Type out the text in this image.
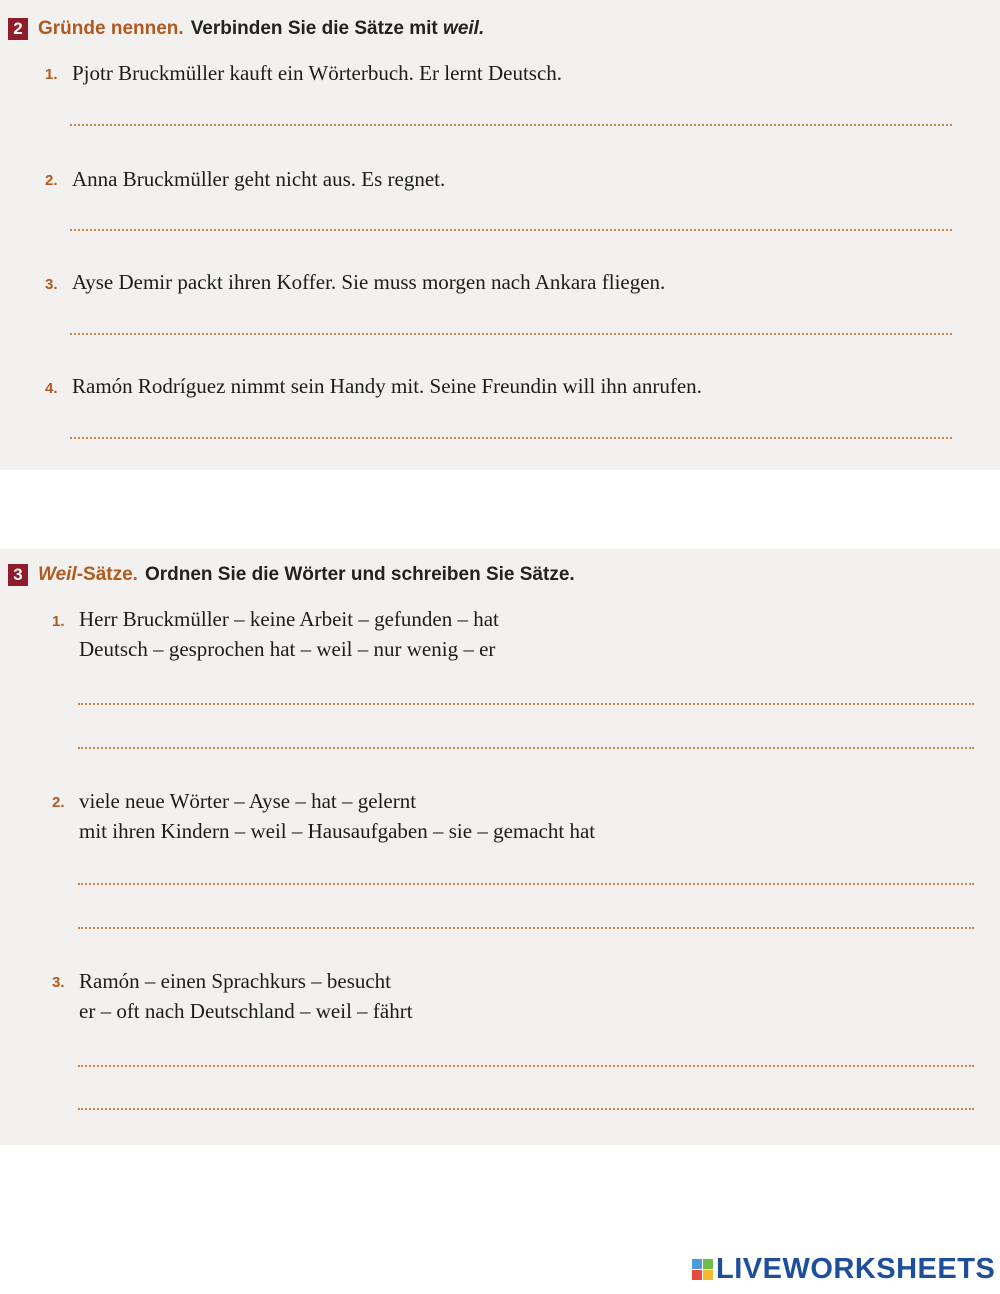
2 Gründe nennen. Verbinden Sie die Sätze mit weil.
1. Pjotr Bruckmüller kauft ein Wörterbuch. Er lernt Deutsch.
2. Anna Bruckmüller geht nicht aus. Es regnet.
3. Ayse Demir packt ihren Koffer. Sie muss morgen nach Ankara fliegen.
4. Ramón Rodríguez nimmt sein Handy mit. Seine Freundin will ihn anrufen.
3 Weil-Sätze. Ordnen Sie die Wörter und schreiben Sie Sätze.
1. Herr Bruckmüller – keine Arbeit – gefunden – hat
Deutsch – gesprochen hat – weil – nur wenig – er
2. viele neue Wörter – Ayse – hat – gelernt
mit ihren Kindern – weil – Hausaufgaben – sie – gemacht hat
3. Ramón – einen Sprachkurs – besucht
er – oft nach Deutschland – weil – fährt
LIVEWORKSHEETS
